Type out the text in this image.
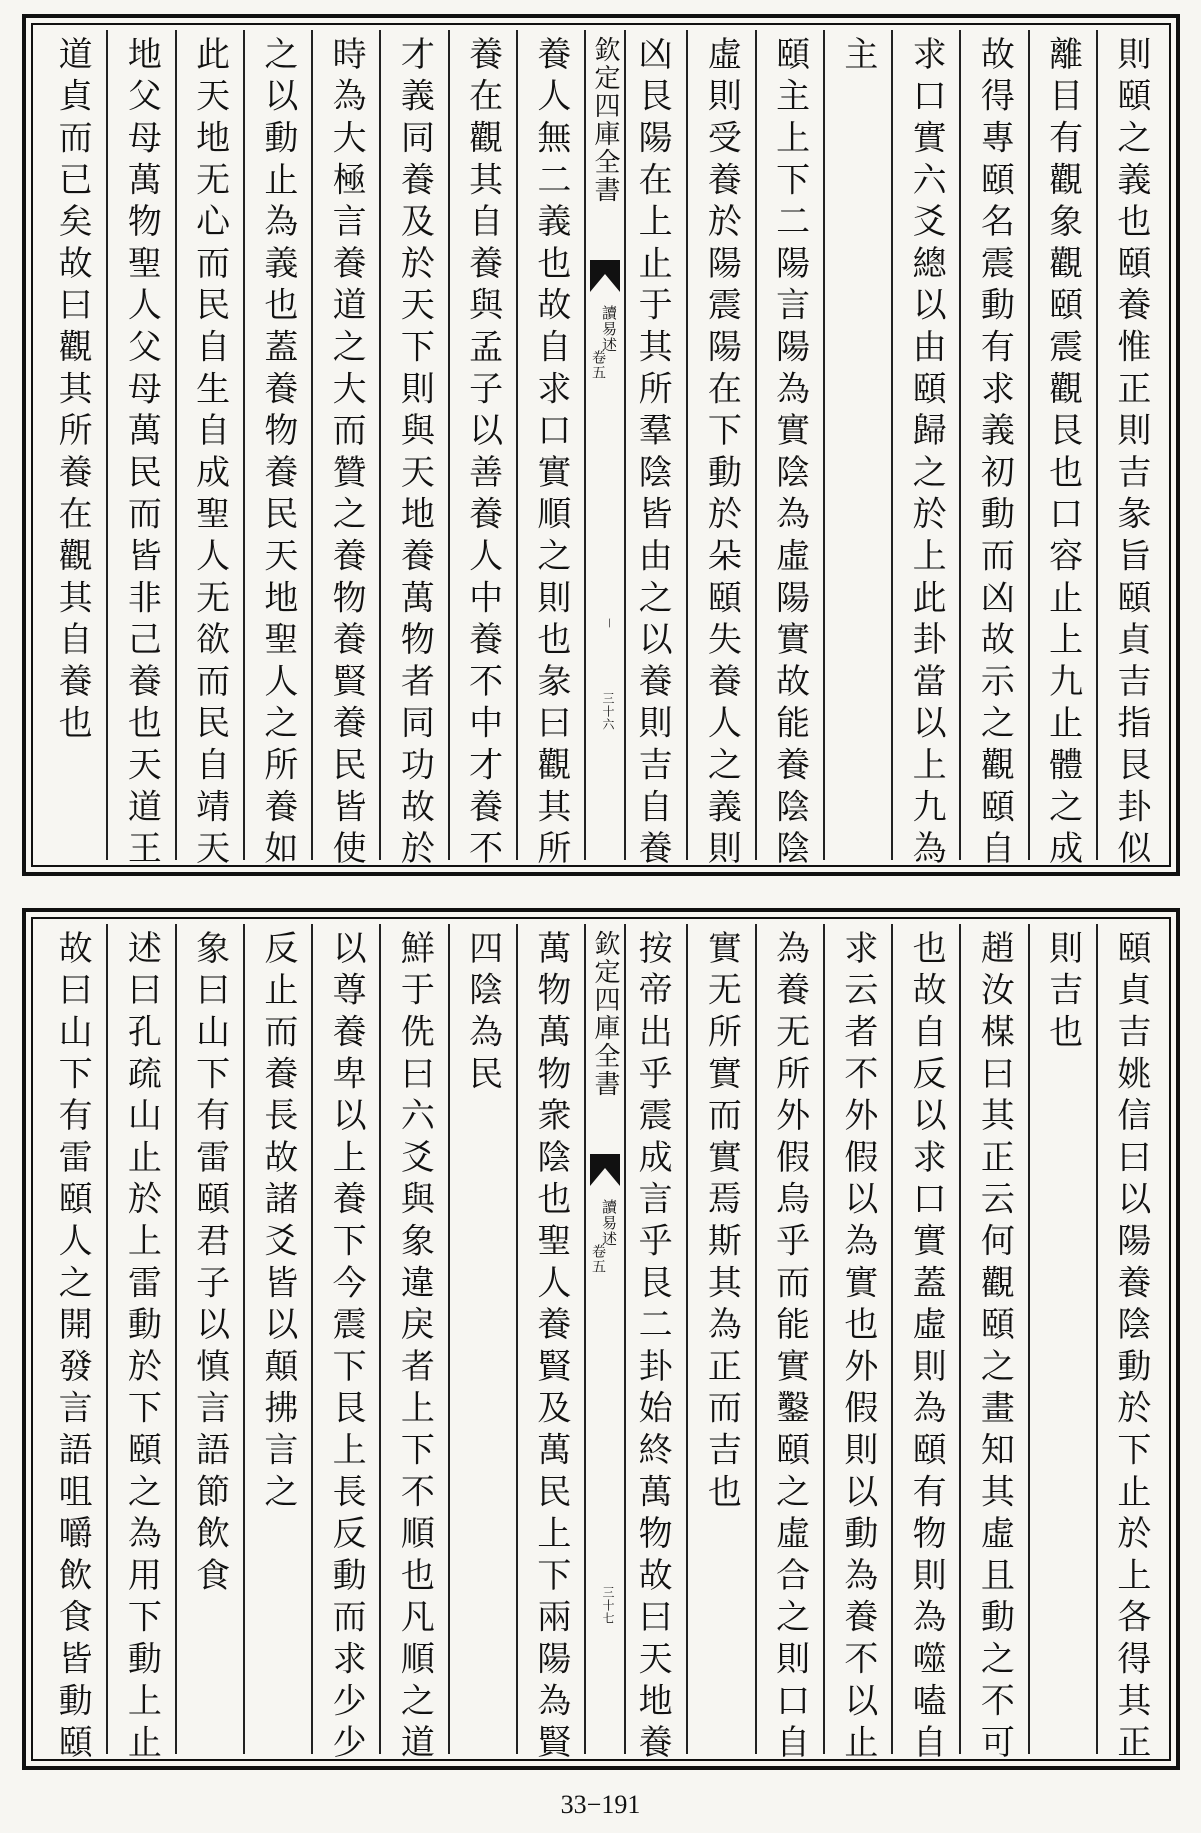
則頤之義也頤養惟正則吉彖旨頤貞吉指艮卦似
離目有觀象觀頤震觀艮也口容止上九止體之成
故得專頤名震動有求義初動而凶故示之觀頤自
求口實六爻總以由頤歸之於上此卦當以上九為
主
頤主上下二陽言陽為實陰為虛陽實故能養陰陰
虛則受養於陽震陽在下動於朵頤失養人之義則
凶艮陽在上止于其所羣陰皆由之以養則吉自養
欽定四庫全書
讀易述
卷五
〡
三十六
養人無二義也故自求口實順之則也彖曰觀其所
養在觀其自養與孟子以善養人中養不中才養不
才義同養及於天下則與天地養萬物者同功故於
時為大極言養道之大而贊之養物養賢養民皆使
之以動止為義也蓋養物養民天地聖人之所養如
此天地无心而民自生自成聖人无欲而民自靖天
地父母萬物聖人父母萬民而皆非己養也天道王
道貞而已矣故曰觀其所養在觀其自養也
頤貞吉姚信曰以陽養陰動於下止於上各得其正
則吉也
趙汝楳曰其正云何觀頤之畫知其虛且動之不可
也故自反以求口實蓋虛則為頤有物則為噬嗑自
求云者不外假以為實也外假則以動為養不以止
為養无所外假烏乎而能實鑿頤之虛合之則口自
實无所實而實焉斯其為正而吉也
按帝出乎震成言乎艮二卦始終萬物故曰天地養
欽定四庫全書
讀易述
卷五
三十七
萬物萬物衆陰也聖人養賢及萬民上下兩陽為賢
四陰為民
鮮于侁曰六爻與象違戾者上下不順也凡順之道
以尊養卑以上養下今震下艮上長反動而求少少
反止而養長故諸爻皆以顛拂言之
象曰山下有雷頤君子以慎言語節飲食
述曰孔疏山止於上雷動於下頤之為用下動上止
故曰山下有雷頤人之開發言語咀嚼飲食皆動頤
33−191
